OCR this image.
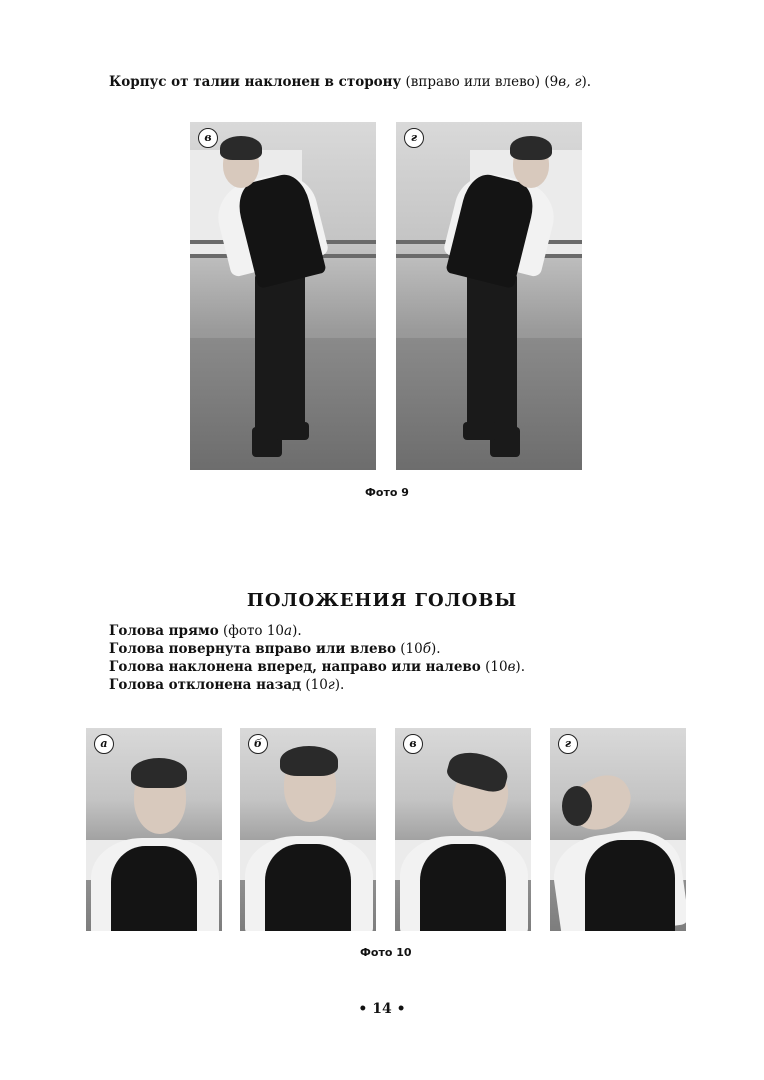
Корпус от талии наклонен в сторону (вправо или влево) (9в, г).
в	г
Фото 9
ПОЛОЖЕНИЯ ГОЛОВЫ
Голова прямо (фото 10а).
Голова повернута вправо или влево (10б).
Голова наклонена вперед, направо или налево (10в).
Голова отклонена назад (10г).
а	б	в	г
Фото 10
• 14 •
